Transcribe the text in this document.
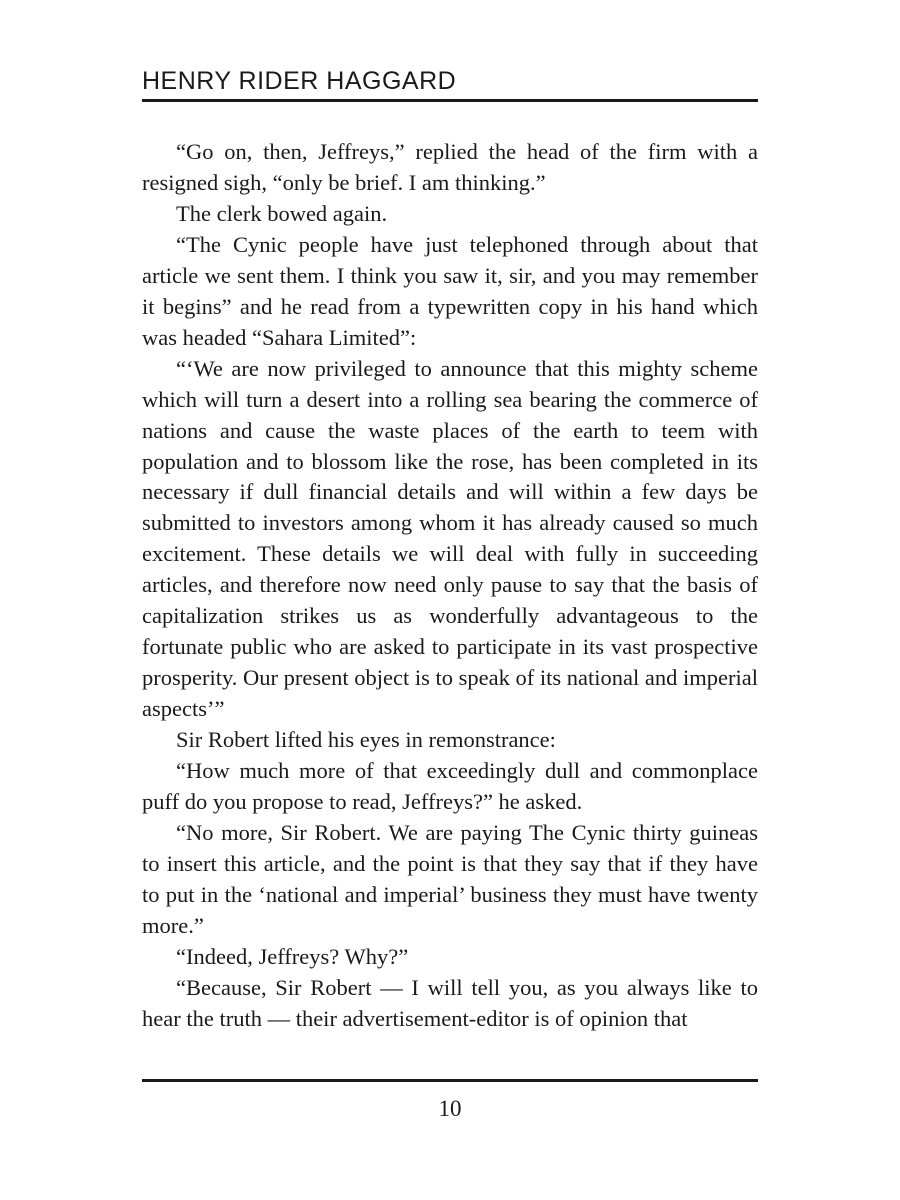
HENRY RIDER HAGGARD

“Go on, then, Jeffreys,” replied the head of the firm with a resigned sigh, “only be brief. I am thinking.”

The clerk bowed again.

“The Cynic people have just telephoned through about that article we sent them. I think you saw it, sir, and you may remember it begins” and he read from a typewritten copy in his hand which was headed “Sahara Limited”:

“‘We are now privileged to announce that this mighty scheme which will turn a desert into a rolling sea bearing the commerce of nations and cause the waste places of the earth to teem with population and to blossom like the rose, has been completed in its necessary if dull financial details and will within a few days be submitted to investors among whom it has already caused so much excitement. These details we will deal with fully in succeeding articles, and therefore now need only pause to say that the basis of capitalization strikes us as wonderfully advantageous to the fortunate public who are asked to participate in its vast prospective prosperity. Our present object is to speak of its national and imperial aspects’”

Sir Robert lifted his eyes in remonstrance:

“How much more of that exceedingly dull and commonplace puff do you propose to read, Jeffreys?” he asked.

“No more, Sir Robert. We are paying The Cynic thirty guineas to insert this article, and the point is that they say that if they have to put in the ‘national and imperial’ business they must have twenty more.”

“Indeed, Jeffreys? Why?”

“Because, Sir Robert — I will tell you, as you always like to hear the truth — their advertisement-editor is of opinion that

10
